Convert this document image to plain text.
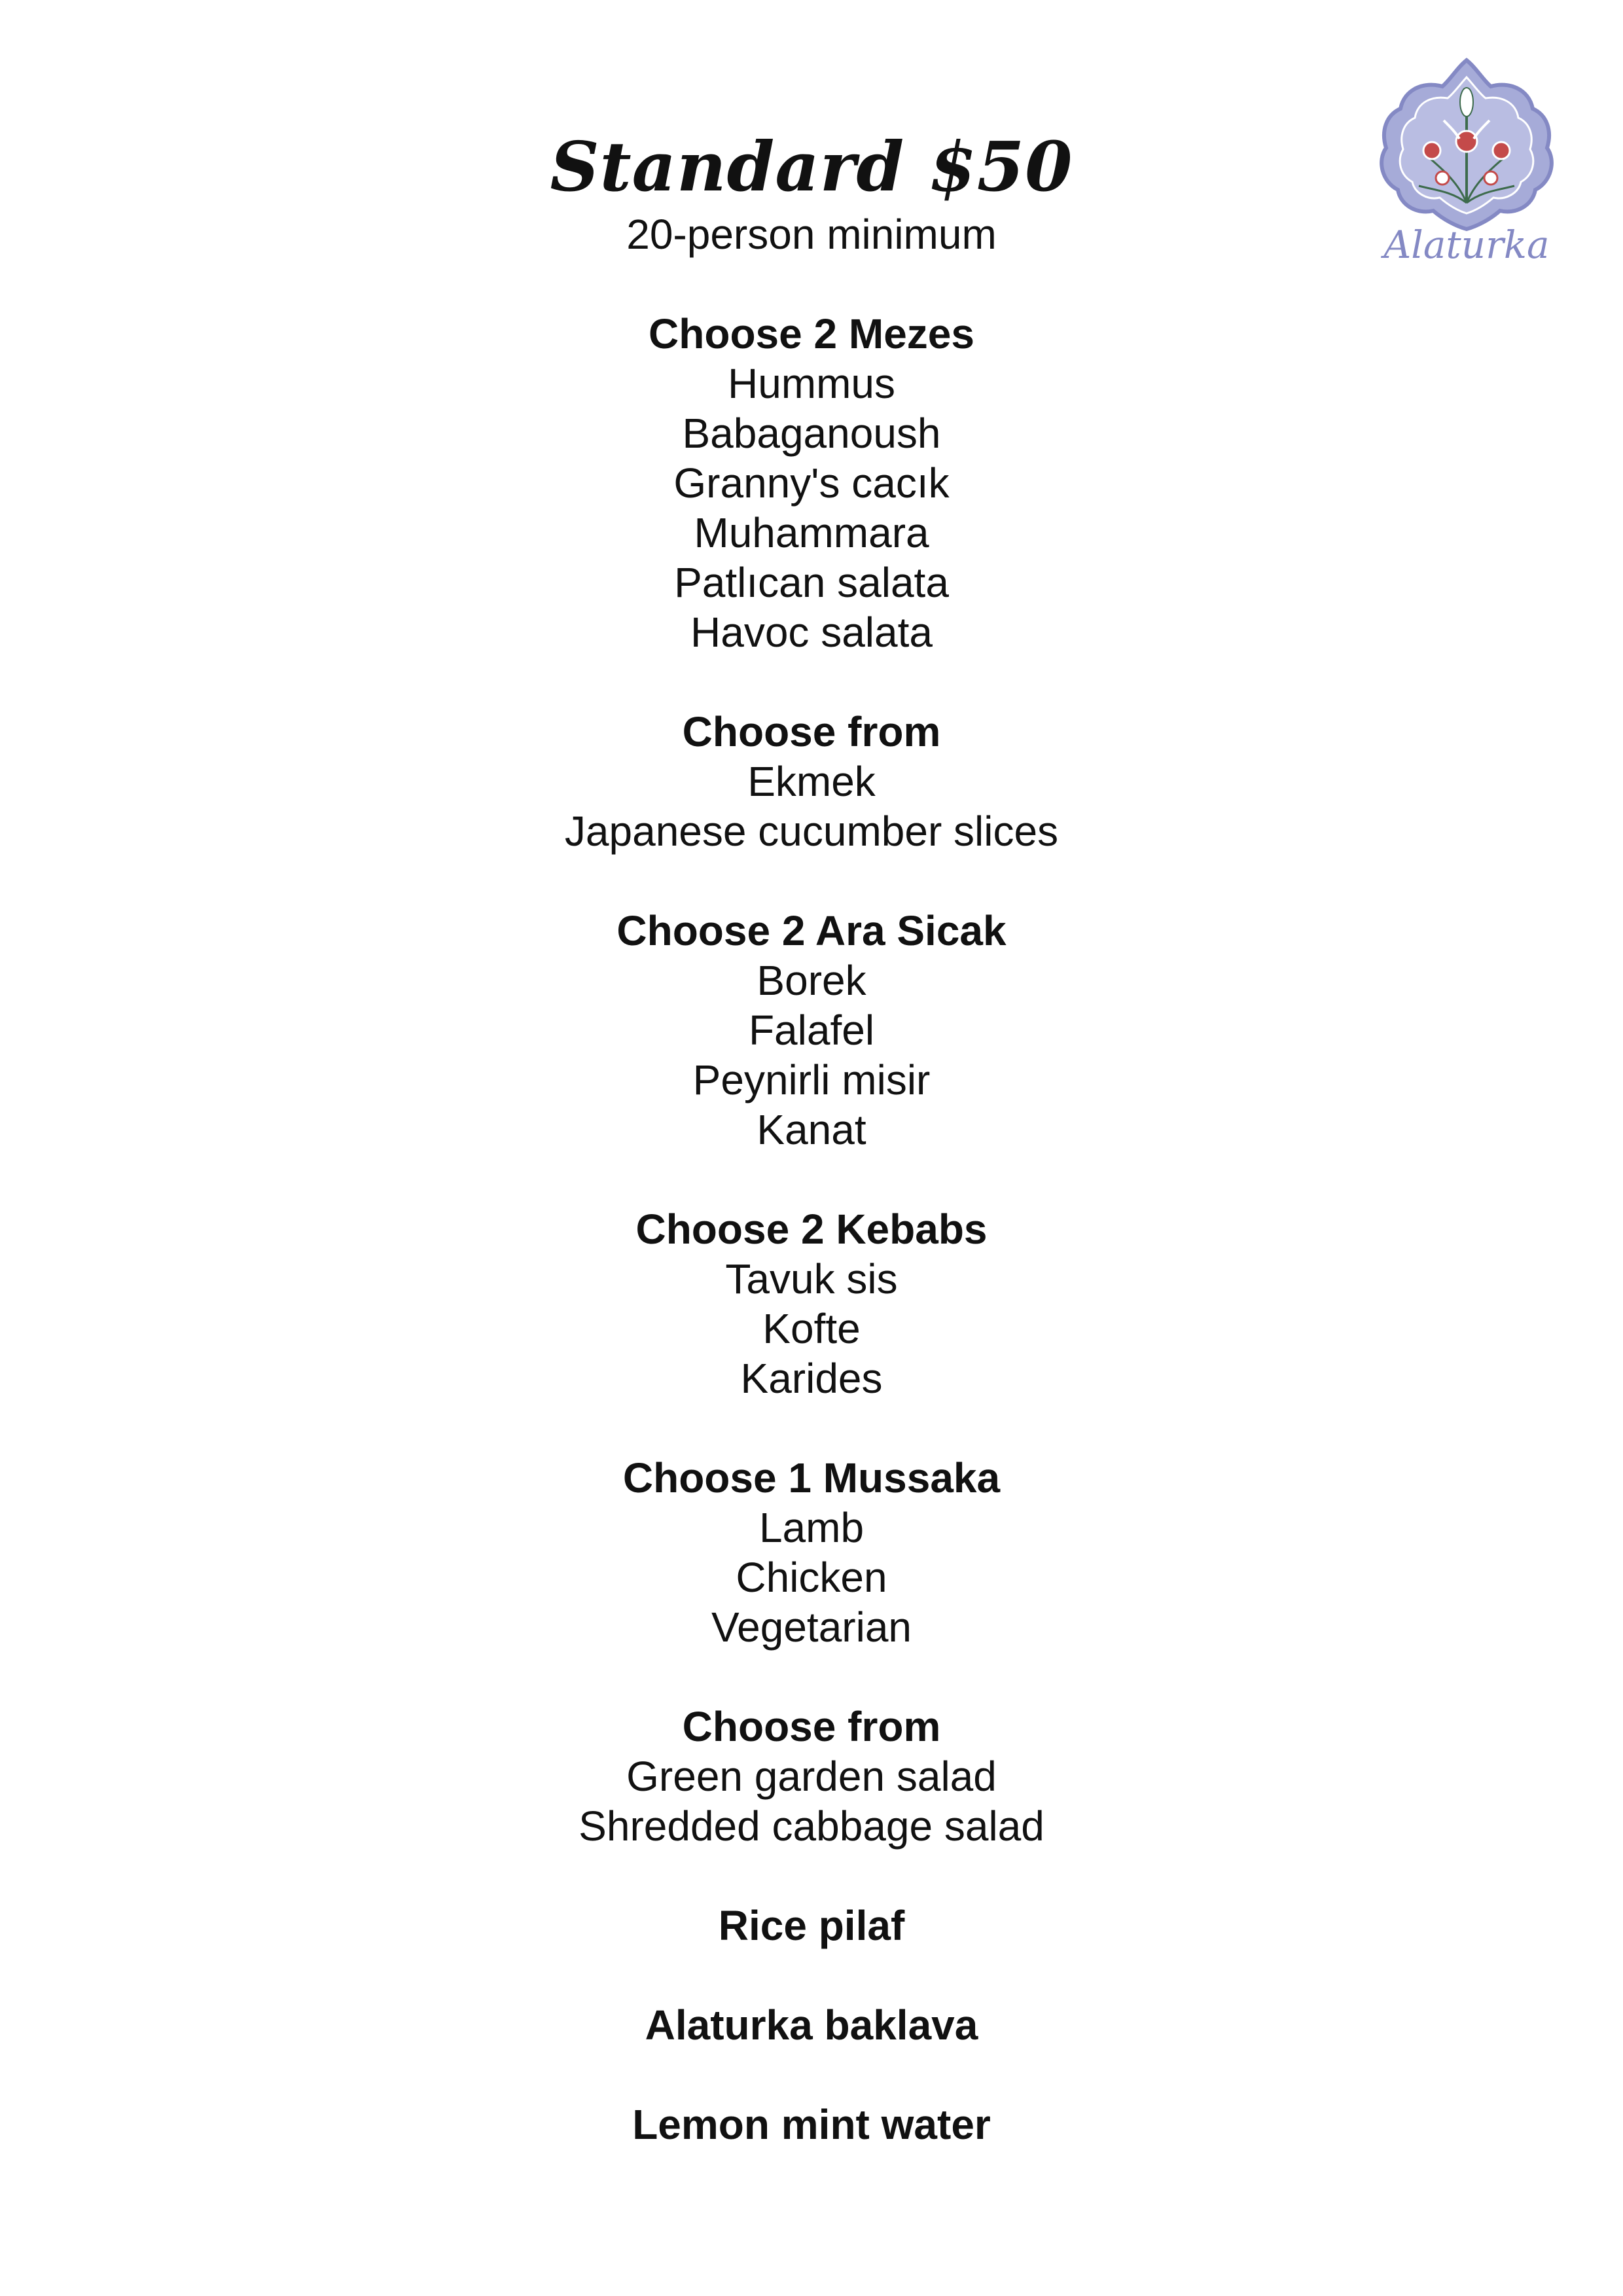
Alaturka
Standard $50
20-person minimum
Choose 2 Mezes
Hummus
Babaganoush
Granny's cacık
Muhammara
Patlıcan salata
Havoc salata
Choose from
Ekmek
Japanese cucumber slices
Choose 2 Ara Sicak
Borek
Falafel
Peynirli misir
Kanat
Choose 2 Kebabs
Tavuk sis
Kofte
Karides
Choose 1 Mussaka
Lamb
Chicken
Vegetarian
Choose from
Green garden salad
Shredded cabbage salad
Rice pilaf
Alaturka baklava
Lemon mint water
